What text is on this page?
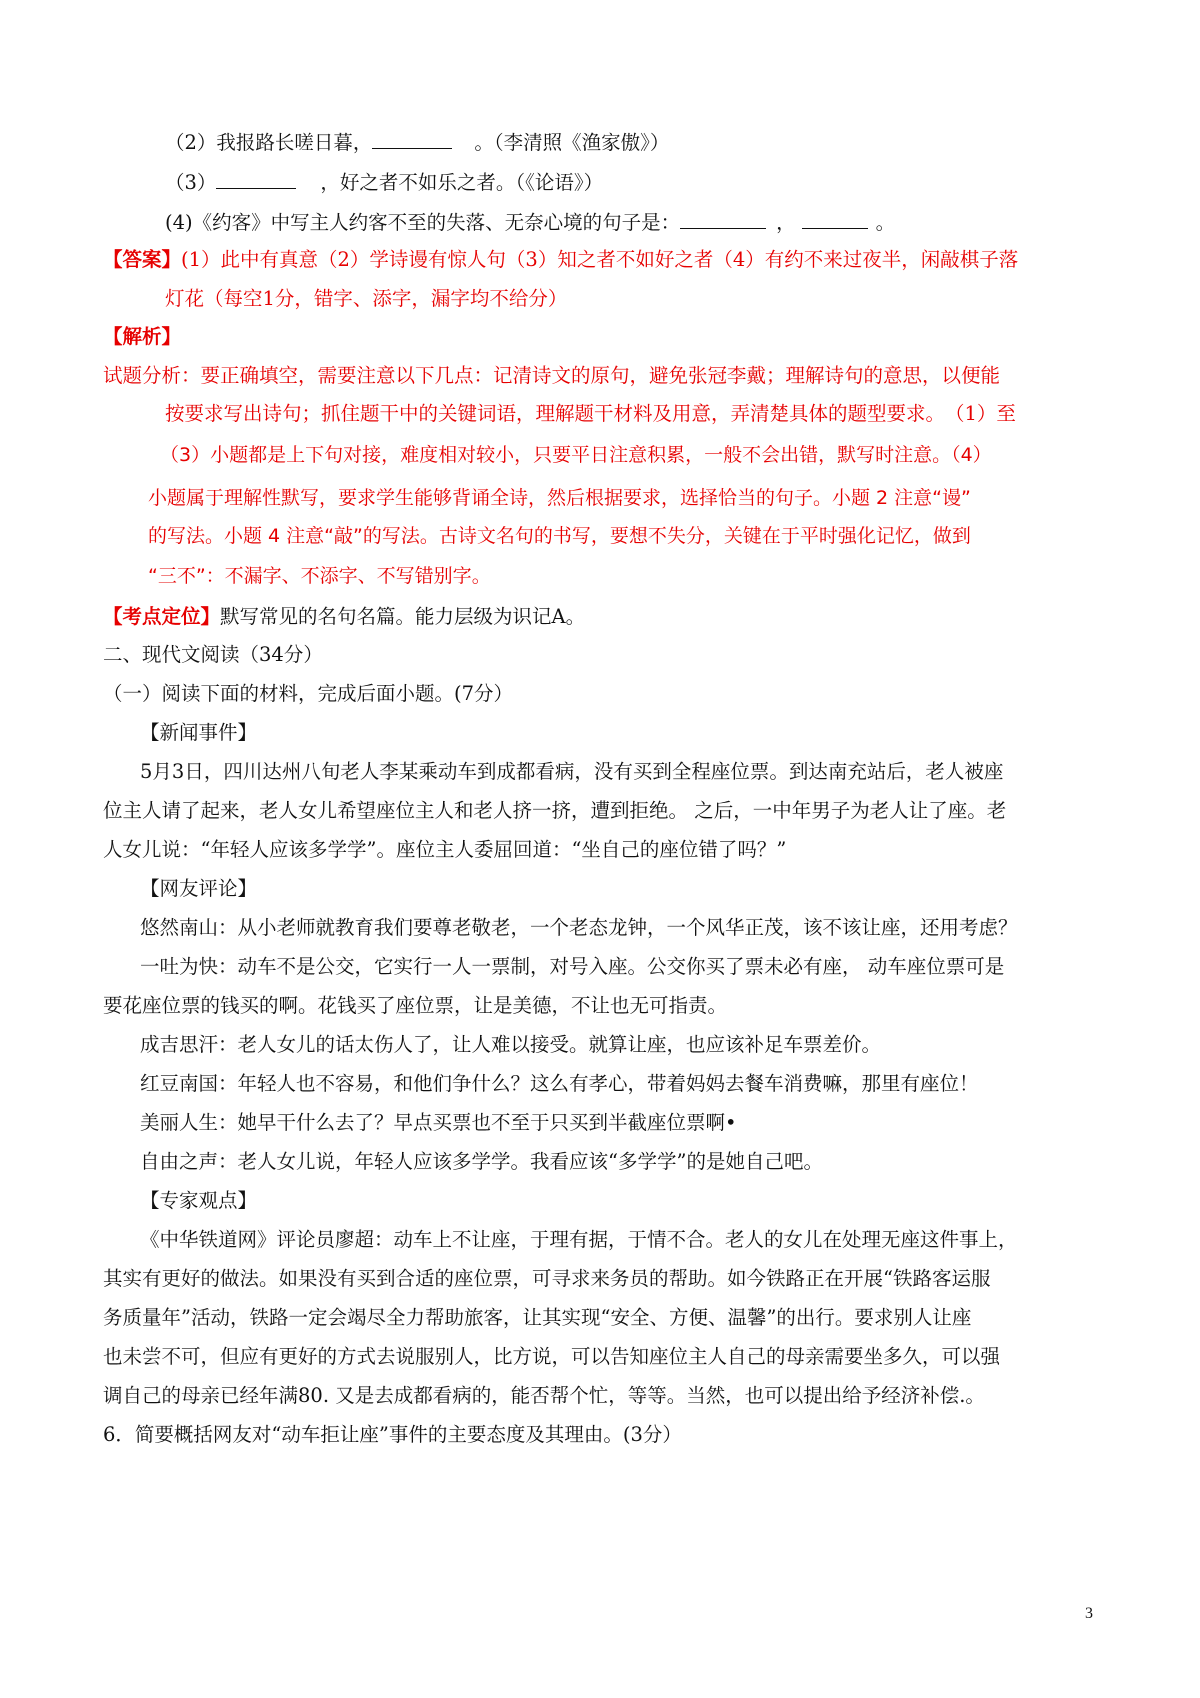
（2）我报路长嗟日暮，	。（李清照《渔家傲》）
（3）	，好之者不如乐之者。（《论语》）
(4)《约客》中写主人约客不至的失落、无奈心境的句子是：	，	。
【答案】(1）此中有真意（2）学诗谩有惊人句（3）知之者不如好之者（4）有约不来过夜半，闲敲棋子落
灯花（每空1分，错字、添字，漏字均不给分）
【解析】
试题分析：要正确填空，需要注意以下几点：记清诗文的原句，避免张冠李戴；理解诗句的意思，以便能
按要求写出诗句；抓住题干中的关键词语，理解题干材料及用意，弄清楚具体的题型要求。　（1）至
（3）小题都是上下句对接，难度相对较小，只要平日注意积累，一般不会出错，默写时注意。（4）
小题属于理解性默写，要求学生能够背诵全诗，然后根据要求，选择恰当的句子。小题 2 注意“谩”
的写法。小题 4 注意“敲”的写法。古诗文名句的书写，要想不失分，关键在于平时强化记忆，做到
“三不”：不漏字、不添字、不写错别字。
【考点定位】默写常见的名句名篇。能力层级为识记A。
二、现代文阅读（34分）
（一）阅读下面的材料，完成后面小题。(7分）
【新闻事件】
5月3日，四川达州八旬老人李某乘动车到成都看病，没有买到全程座位票。到达南充站后，老人被座
位主人请了起来，老人女儿希望座位主人和老人挤一挤，遭到拒绝。 之后，一中年男子为老人让了座。老
人女儿说：“年轻人应该多学学”。座位主人委屈回道：“坐自己的座位错了吗？”
【网友评论】
悠然南山：从小老师就教育我们要尊老敬老，一个老态龙钟，一个风华正茂，该不该让座，还用考虑？
一吐为快：动车不是公交，它实行一人一票制，对号入座。公交你买了票未必有座， 动车座位票可是
要花座位票的钱买的啊。花钱买了座位票，让是美德，不让也无可指责。
成吉思汗：老人女儿的话太伤人了，让人难以接受。就算让座，也应该补足车票差价。
红豆南国：年轻人也不容易，和他们争什么？这么有孝心，带着妈妈去餐车消费嘛，那里有座位！
美丽人生：她早干什么去了？早点买票也不至于只买到半截座位票啊•
自由之声：老人女儿说，年轻人应该多学学。我看应该“多学学”的是她自己吧。
【专家观点】
《中华铁道网》评论员廖超：动车上不让座，于理有据，于情不合。老人的女儿在处理无座这件事上，
其实有更好的做法。如果没有买到合适的座位票，可寻求来务员的帮助。如今铁路正在开展“铁路客运服
务质量年”活动，铁路一定会竭尽全力帮助旅客，让其实现“安全、方便、温馨”的出行。要求别人让座
也未尝不可，但应有更好的方式去说服别人，比方说，可以告知座位主人自己的母亲需要坐多久，可以强
调自己的母亲已经年满80. 又是去成都看病的，能否帮个忙，等等。当然，也可以提出给予经济补偿.。
6．简要概括网友对“动车拒让座”事件的主要态度及其理由。(3分）
3
